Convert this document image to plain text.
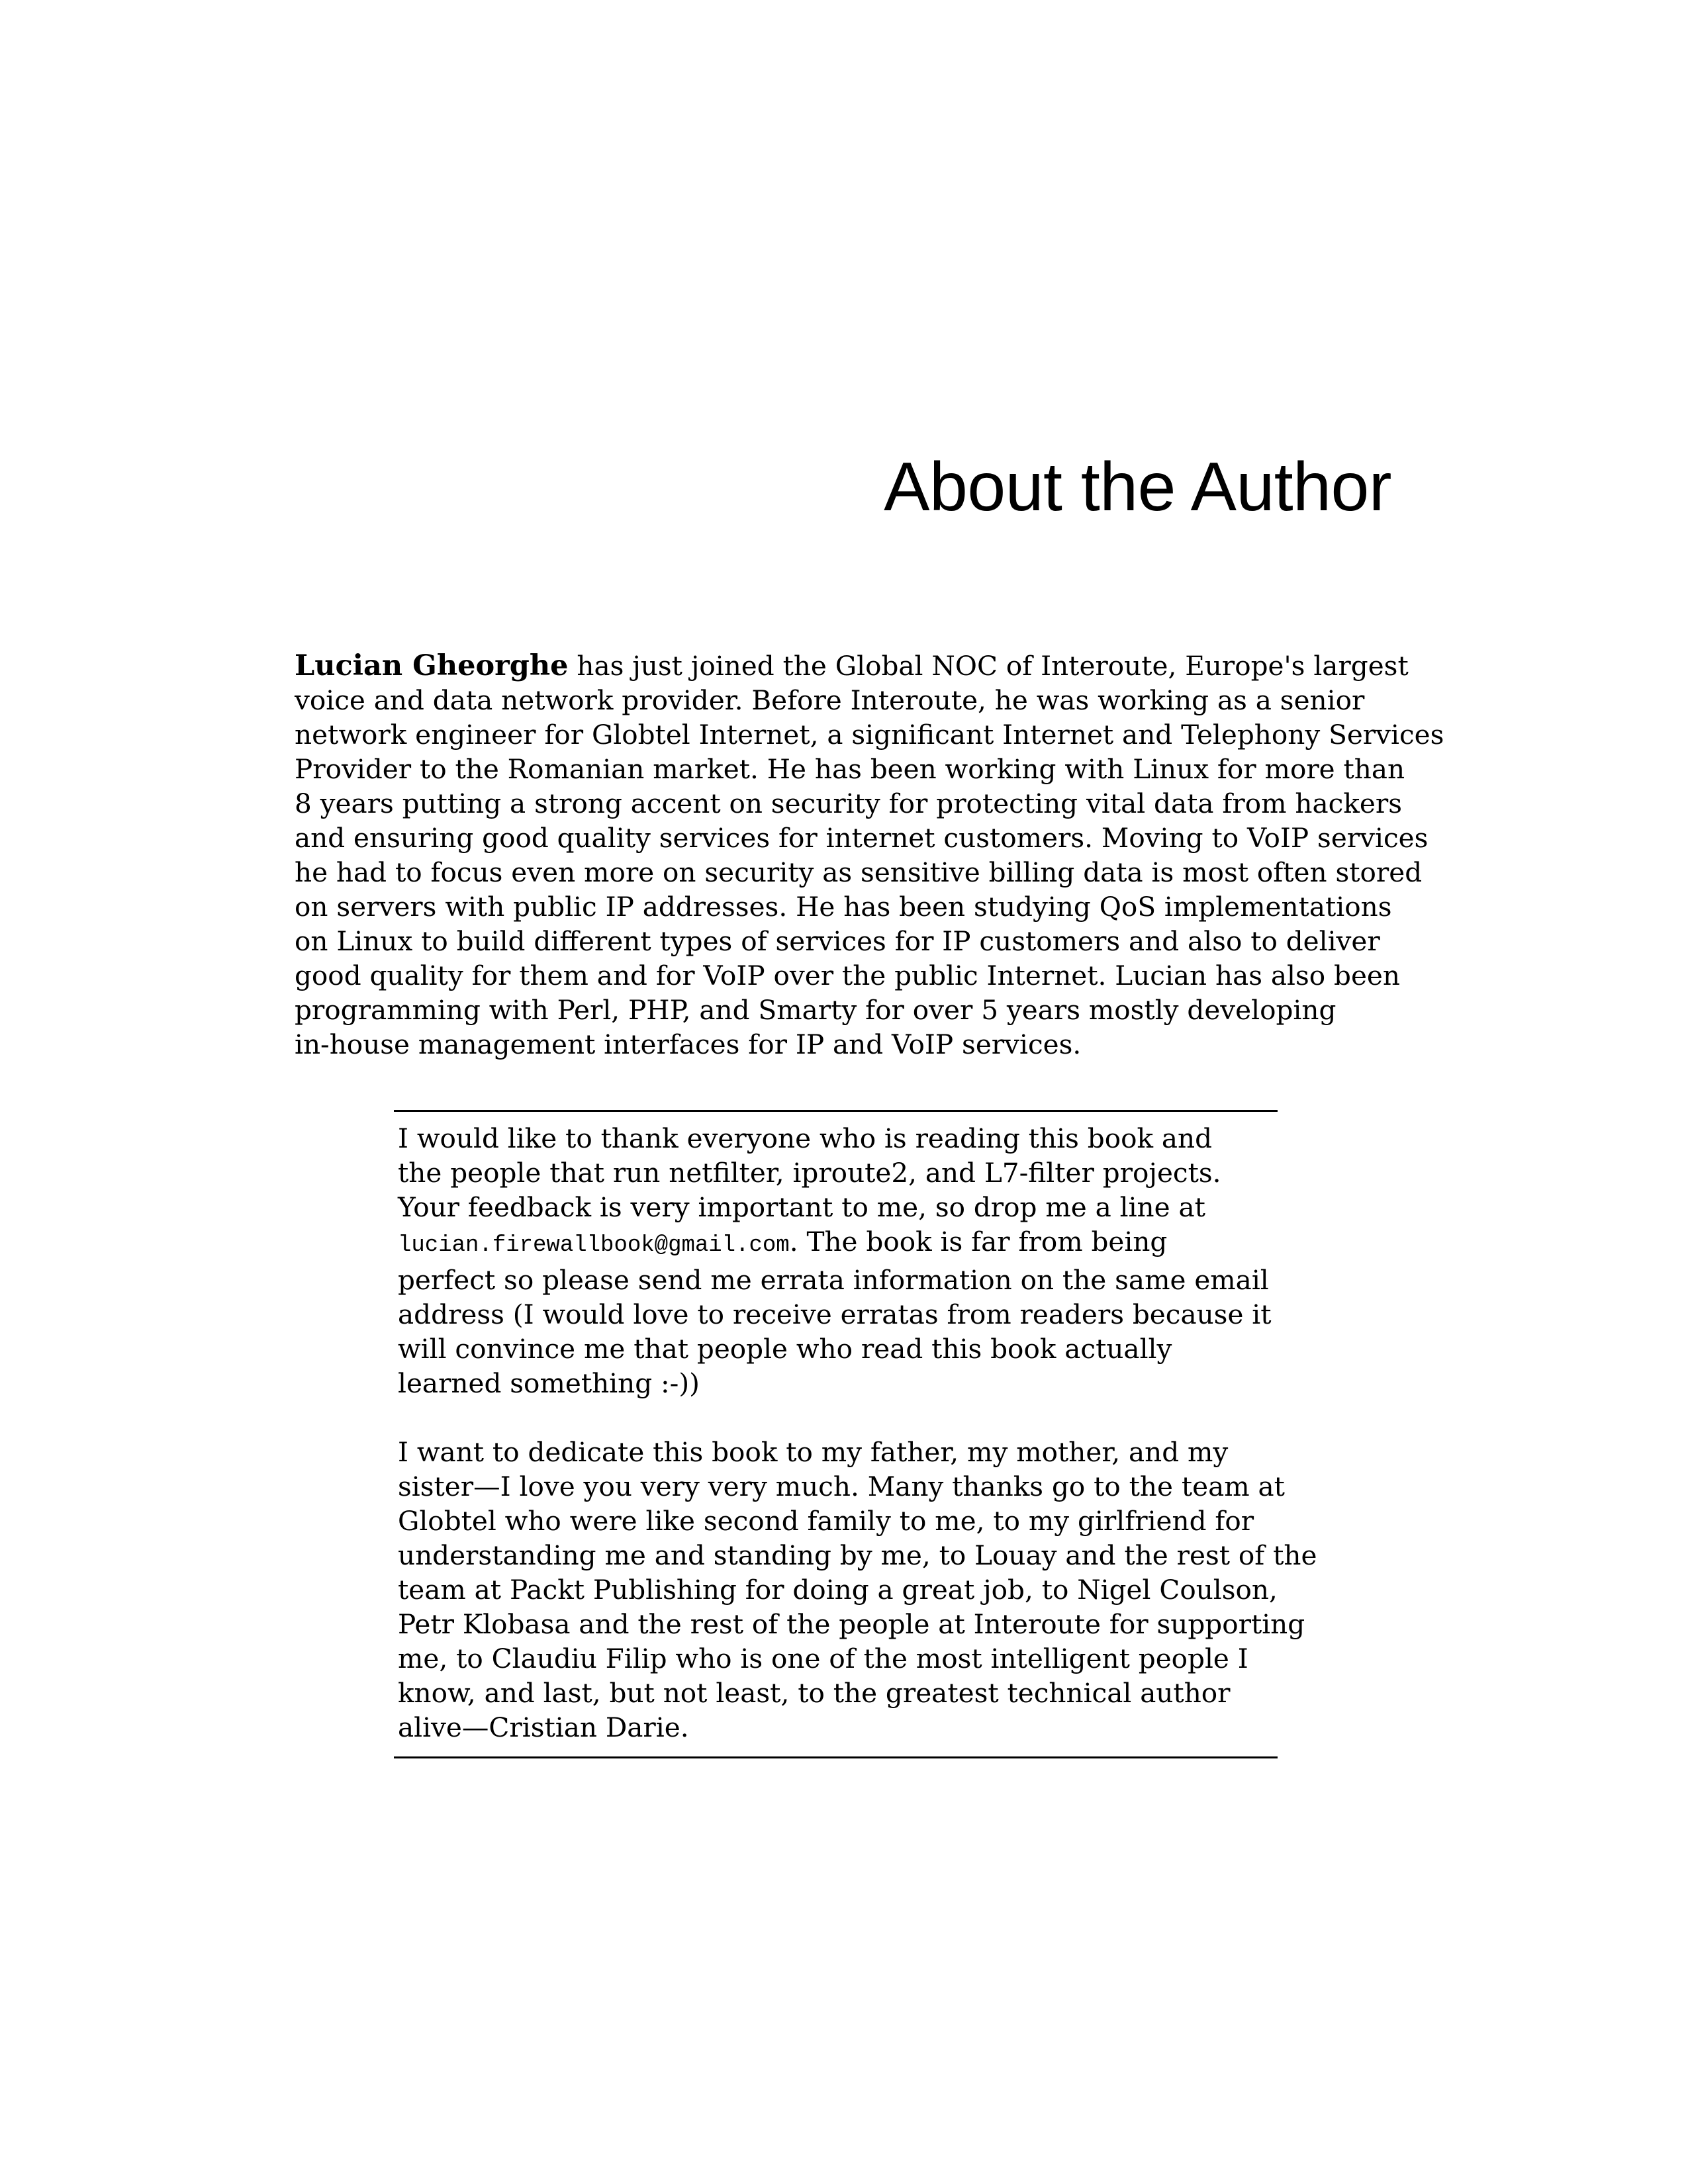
About the Author
Lucian Gheorghe has just joined the Global NOC of Interoute, Europe's largest
voice and data network provider. Before Interoute, he was working as a senior
network engineer for Globtel Internet, a significant Internet and Telephony Services
Provider to the Romanian market. He has been working with Linux for more than
8 years putting a strong accent on security for protecting vital data from hackers
and ensuring good quality services for internet customers. Moving to VoIP services
he had to focus even more on security as sensitive billing data is most often stored
on servers with public IP addresses. He has been studying QoS implementations
on Linux to build different types of services for IP customers and also to deliver
good quality for them and for VoIP over the public Internet. Lucian has also been
programming with Perl, PHP, and Smarty for over 5 years mostly developing
in-house management interfaces for IP and VoIP services.

I would like to thank everyone who is reading this book and
the people that run netfilter, iproute2, and L7-filter projects.
Your feedback is very important to me, so drop me a line at
lucian.firewallbook@gmail.com. The book is far from being
perfect so please send me errata information on the same email
address (I would love to receive erratas from readers because it
will convince me that people who read this book actually
learned something :-))

I want to dedicate this book to my father, my mother, and my
sister—I love you very very much. Many thanks go to the team at
Globtel who were like second family to me, to my girlfriend for
understanding me and standing by me, to Louay and the rest of the
team at Packt Publishing for doing a great job, to Nigel Coulson,
Petr Klobasa and the rest of the people at Interoute for supporting
me, to Claudiu Filip who is one of the most intelligent people I
know, and last, but not least, to the greatest technical author
alive—Cristian Darie.
